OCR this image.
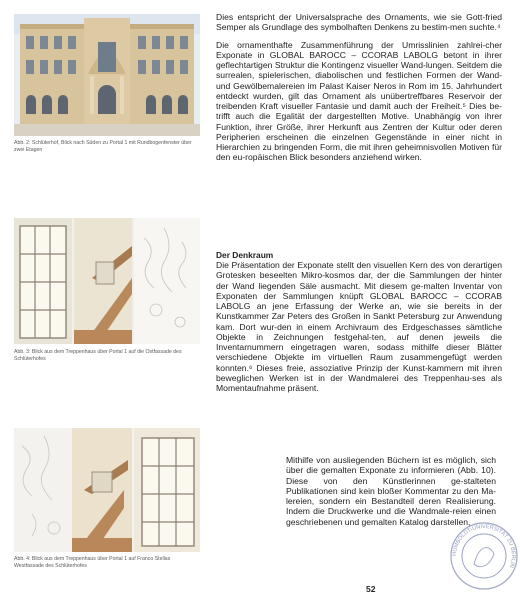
Abb. 2: Schlüterhof, Blick nach Süden zu Portal 1 mit Rundbogenfenster über zwei Etagen
Abb. 3: Blick aus dem Treppenhaus über Portal 1 auf die Ostfassade des Schlüterhofes
Abb. 4: Blick aus dem Treppenhaus über Portal 1 auf Franco Stellas Westfassade des Schlüterhofes

Dies entspricht der Universalsprache des Ornaments, wie sie Gott-fried Semper als Grundlage des symbolhaften Denkens zu bestim-men suchte.⁴

Die ornamenthafte Zusammenführung der Umrisslinien zahlrei-cher Exponate in GLOBAL BAROCC – CCORAB LABOLG betont in ihrer geflechtartigen Struktur die Kontingenz visueller Wand-lungen. Seitdem die surrealen, spielerischen, diabolischen und festlichen Formen der Wand- und Gewölbemalereien im Palast Kaiser Neros in Rom im 15. Jahrhundert entdeckt wurden, gilt das Ornament als unübertreffbares Reservoir der treibenden Kraft visueller Fantasie und damit auch der Freiheit.⁵ Dies be-trifft auch die Egalität der dargestellten Motive. Unabhängig von ihrer Funktion, ihrer Größe, ihrer Herkunft aus Zentren der Kultur oder deren Peripherien erscheinen die einzelnen Gegenstände in einer nicht in Hierarchien zu bringenden Form, die mit ihren geheimnisvollen Motiven für den eu-ropäischen Blick besonders anziehend wirken.

Der Denkraum

Die Präsentation der Exponate stellt den visuellen Kern des von derartigen Grotesken beseelten Mikro-kosmos dar, der die Sammlungen der hinter der Wand liegenden Säle ausmacht. Mit diesem ge-malten Inventar von Exponaten der Sammlungen knüpft GLOBAL BAROCC – CCORAB LABOLG an jene Erfassung der Werke an, wie sie bereits in der Kunstkammer Zar Peters des Großen in Sankt Petersburg zur Anwendung kam. Dort wur-den in einem Archivraum des Erdgeschasses sämtliche Objekte in Zeichnungen festgehal-ten, auf denen jeweils die Inventarnummern eingetragen waren, sodass mithilfe dieser Blätter verschiedene Objekte im virtuellen Raum zusammengefügt werden konnten.⁶ Dieses freie, assoziative Prinzip der Kunst-kammern mit ihren beweglichen Werken ist in der Wandmalerei des Treppenhau-ses als Momentaufnahme präsent.

Mithilfe von ausliegenden Büchern ist es möglich, sich über die gemalten Exponate zu informieren (Abb. 10). Diese von den Künstlerinnen ge-stalteten Publikationen sind kein bloßer Kommentar zu den Ma-lereien, sondern ein Bestandteil deren Realisierung. Indem die Druckwerke und die Wandmale-reien einen geschriebenen und gemalten Katalog darstellen,

52
HUMBOLDT-UNIVERSITÄT ZU BERLIN
